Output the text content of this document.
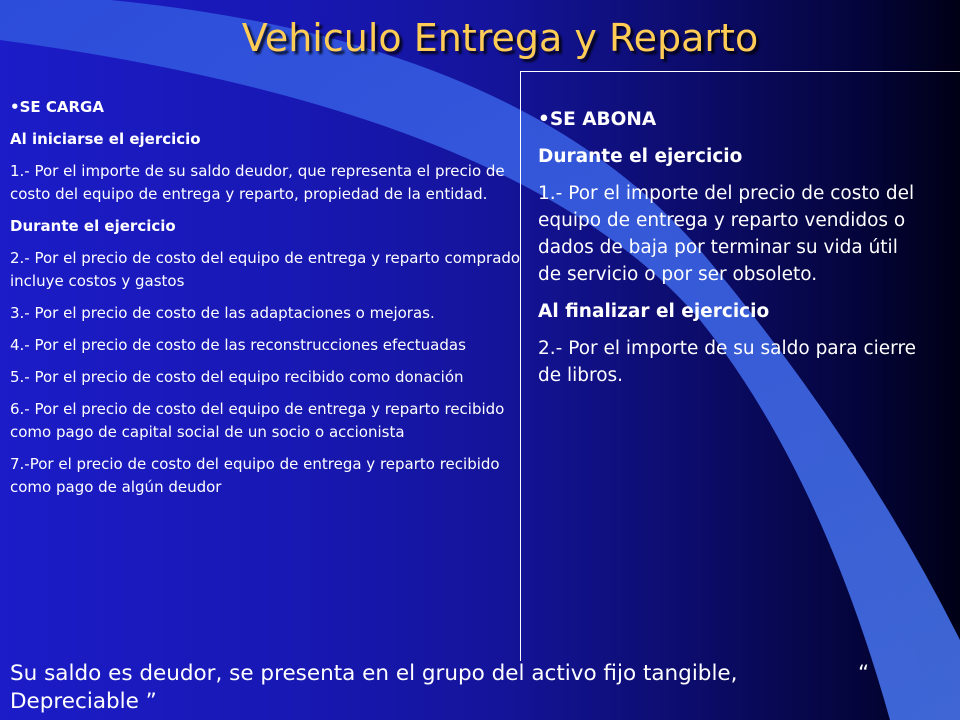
Vehiculo Entrega y Reparto

•SE CARGA

Al iniciarse el ejercicio

1.- Por el importe de su saldo deudor, que representa el precio de costo del equipo de entrega y reparto, propiedad de la entidad.

Durante el ejercicio

2.- Por el precio de costo del equipo de entrega y reparto comprado incluye costos y gastos

3.- Por el precio de costo de las adaptaciones o mejoras.

4.- Por el precio de costo de las reconstrucciones efectuadas

5.- Por el precio de costo del equipo recibido como donación

6.- Por el precio de costo del equipo de entrega y reparto recibido como pago de capital social de un socio o accionista

7.-Por el precio de costo del equipo de entrega y reparto recibido como pago de algún deudor

•SE ABONA

Durante el ejercicio

1.- Por el importe del precio de costo del equipo de entrega y reparto vendidos o dados de baja por terminar su vida útil de servicio o por ser obsoleto.

Al finalizar el ejercicio

2.- Por el importe de su saldo para cierre de libros.

Su saldo es deudor, se presenta en el grupo del activo fijo tangible,	“
Depreciable ”
